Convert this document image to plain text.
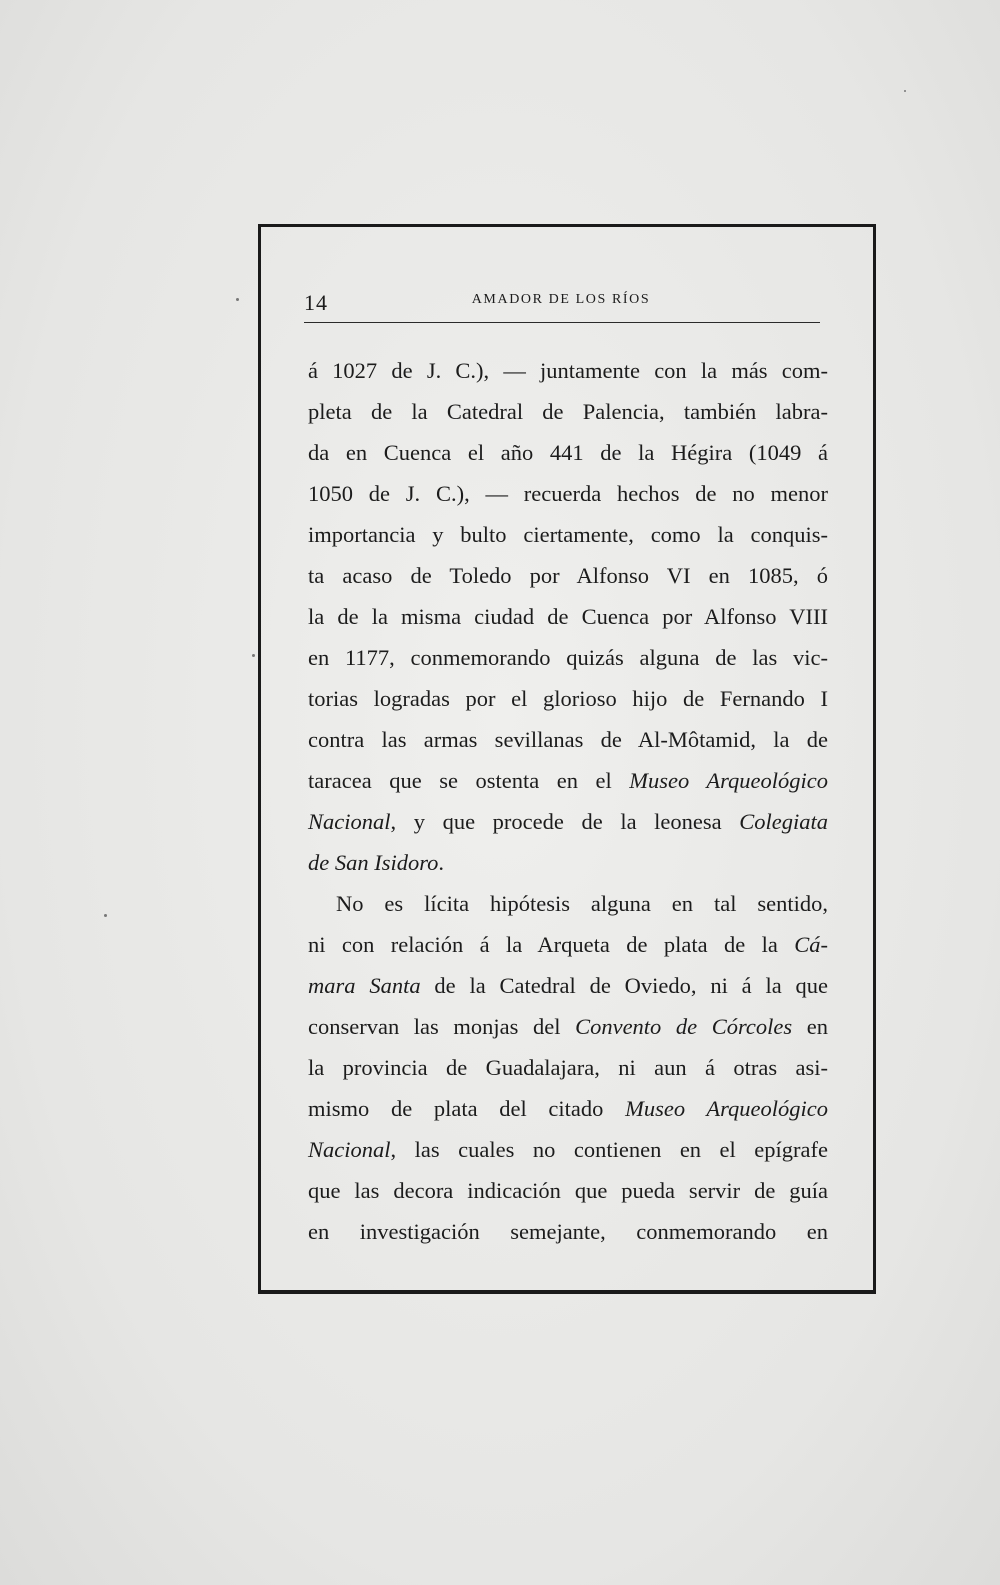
14	AMADOR DE LOS RÍOS
á 1027 de J. C.), — juntamente con la más com-
pleta de la Catedral de Palencia, también labra-
da en Cuenca el año 441 de la Hégira (1049 á
1050 de J. C.), — recuerda hechos de no menor
importancia y bulto ciertamente, como la conquis-
ta acaso de Toledo por Alfonso VI en 1085, ó
la de la misma ciudad de Cuenca por Alfonso VIII
en 1177, conmemorando quizás alguna de las vic-
torias logradas por el glorioso hijo de Fernando I
contra las armas sevillanas de Al-Môtamid, la de
taracea que se ostenta en el Museo Arqueológico
Nacional, y que procede de la leonesa Colegiata
de San Isidoro.
No es lícita hipótesis alguna en tal sentido,
ni con relación á la Arqueta de plata de la Cá-
mara Santa de la Catedral de Oviedo, ni á la que
conservan las monjas del Convento de Córcoles en
la provincia de Guadalajara, ni aun á otras asi-
mismo de plata del citado Museo Arqueológico
Nacional, las cuales no contienen en el epígrafe
que las decora indicación que pueda servir de guía
en investigación semejante, conmemorando en
